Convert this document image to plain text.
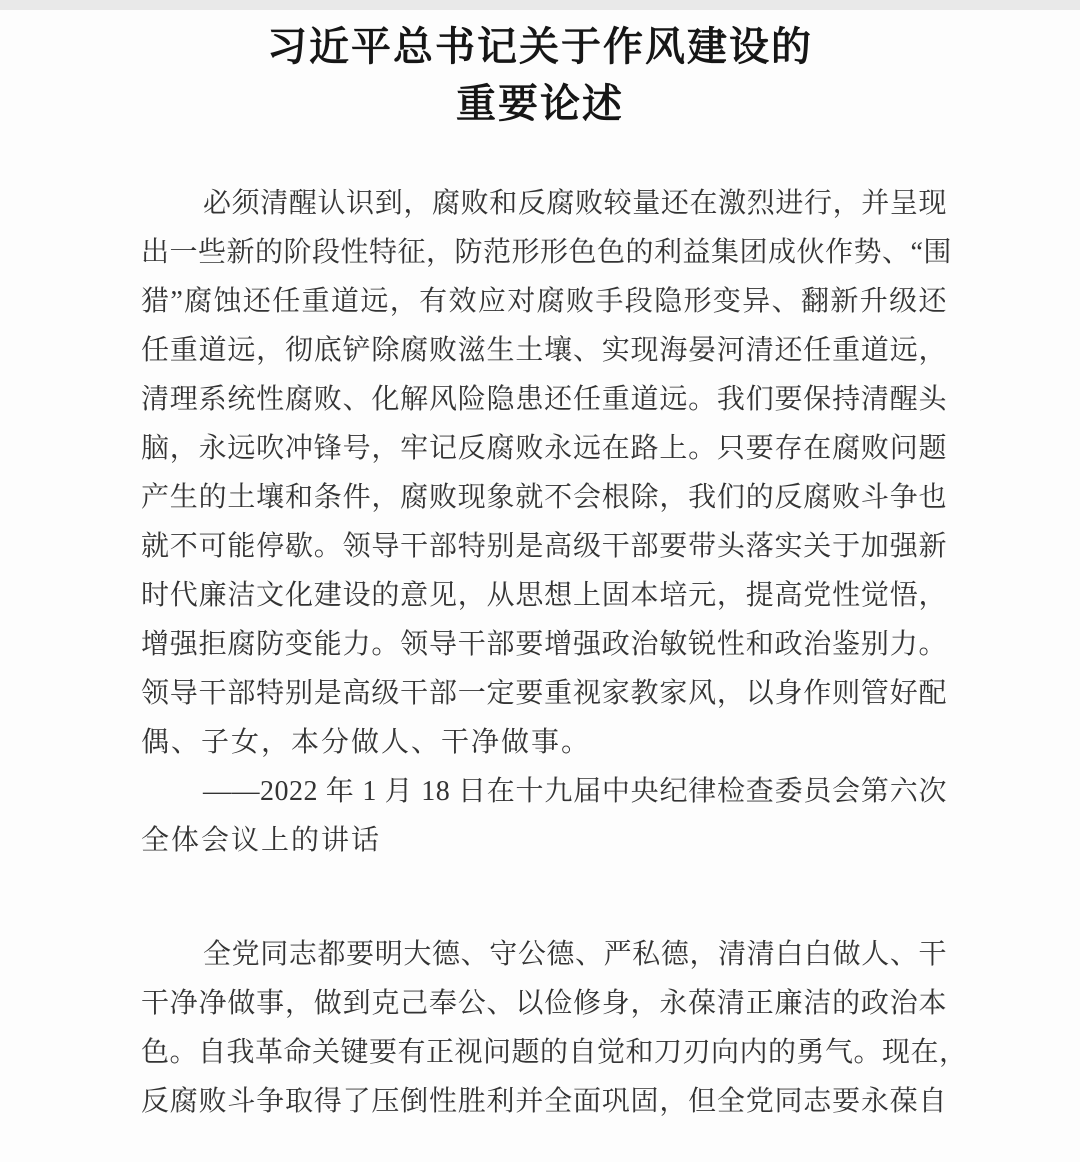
习近平总书记关于作风建设的
重要论述
必须清醒认识到，腐败和反腐败较量还在激烈进行，并呈现
出一些新的阶段性特征，防范形形色色的利益集团成伙作势、“围
猎”腐蚀还任重道远，有效应对腐败手段隐形变异、翻新升级还
任重道远，彻底铲除腐败滋生土壤、实现海晏河清还任重道远，
清理系统性腐败、化解风险隐患还任重道远。我们要保持清醒头
脑，永远吹冲锋号，牢记反腐败永远在路上。只要存在腐败问题
产生的土壤和条件，腐败现象就不会根除，我们的反腐败斗争也
就不可能停歇。领导干部特别是高级干部要带头落实关于加强新
时代廉洁文化建设的意见，从思想上固本培元，提高党性觉悟，
增强拒腐防变能力。领导干部要增强政治敏锐性和政治鉴别力。
领导干部特别是高级干部一定要重视家教家风，以身作则管好配
偶、子女，本分做人、干净做事。
——2022 年 1 月 18 日在十九届中央纪律检查委员会第六次
全体会议上的讲话
全党同志都要明大德、守公德、严私德，清清白白做人、干
干净净做事，做到克己奉公、以俭修身，永葆清正廉洁的政治本
色。自我革命关键要有正视问题的自觉和刀刃向内的勇气。现在，
反腐败斗争取得了压倒性胜利并全面巩固，但全党同志要永葆自
